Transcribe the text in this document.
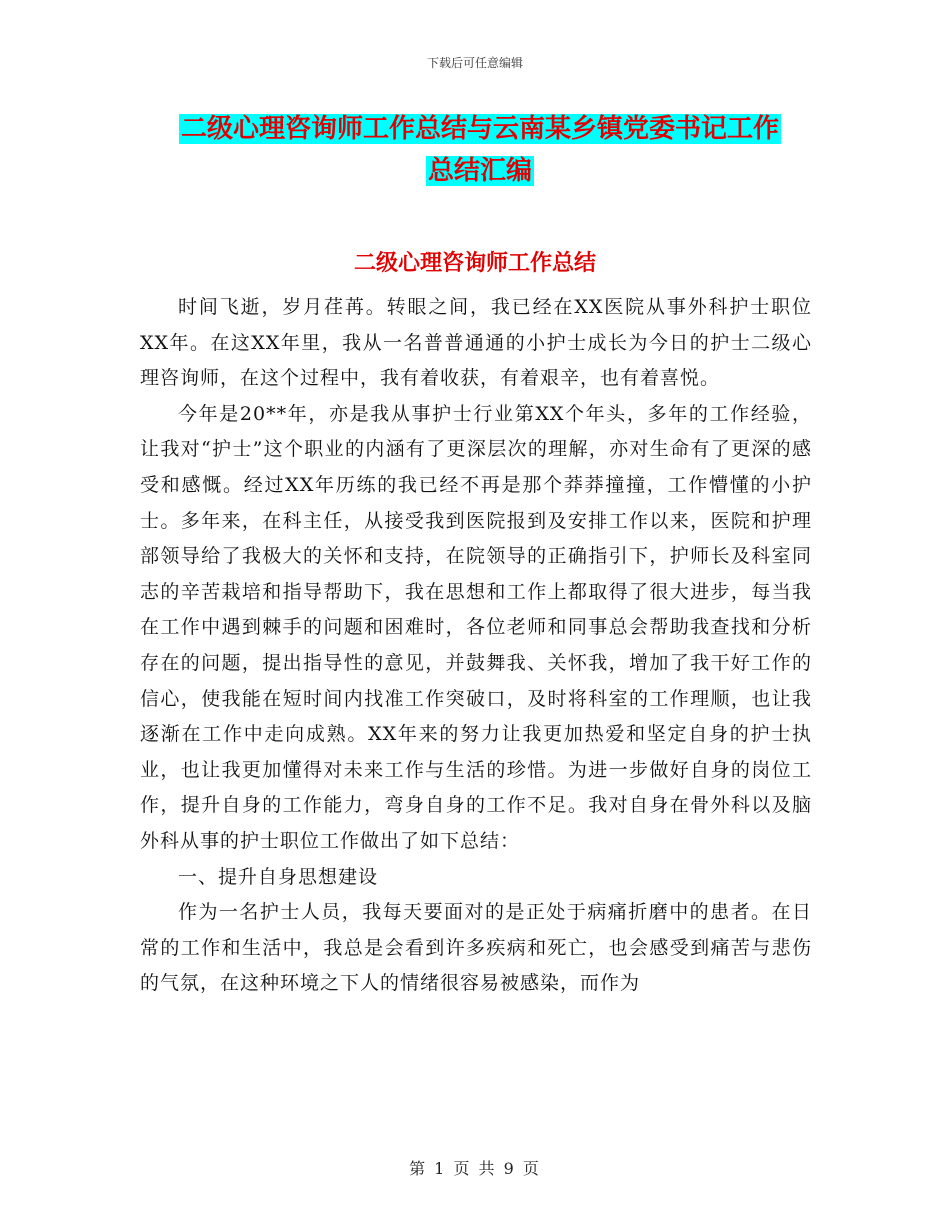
下载后可任意编辑
二级心理咨询师工作总结与云南某乡镇党委书记工作
总结汇编
二级心理咨询师工作总结

时间飞逝，岁月荏苒。转眼之间，我已经在XX医院从事外科护士职位XX年。在这XX年里，我从一名普普通通的小护士成长为今日的护士二级心理咨询师，在这个过程中，我有着收获，有着艰辛，也有着喜悦。

今年是20**年，亦是我从事护士行业第XX个年头，多年的工作经验，让我对“护士”这个职业的内涵有了更深层次的理解，亦对生命有了更深的感受和感慨。经过XX年历练的我已经不再是那个莽莽撞撞，工作懵懂的小护士。多年来，在科主任，从接受我到医院报到及安排工作以来，医院和护理部领导给了我极大的关怀和支持，在院领导的正确指引下，护师长及科室同志的辛苦栽培和指导帮助下，我在思想和工作上都取得了很大进步，每当我在工作中遇到棘手的问题和困难时，各位老师和同事总会帮助我查找和分析存在的问题，提出指导性的意见，并鼓舞我、关怀我，增加了我干好工作的信心，使我能在短时间内找准工作突破口，及时将科室的工作理顺，也让我逐渐在工作中走向成熟。XX年来的努力让我更加热爱和坚定自身的护士执业，也让我更加懂得对未来工作与生活的珍惜。为进一步做好自身的岗位工作，提升自身的工作能力，弯身自身的工作不足。我对自身在骨外科以及脑外科从事的护士职位工作做出了如下总结：

一、提升自身思想建设

作为一名护士人员，我每天要面对的是正处于病痛折磨中的患者。在日常的工作和生活中，我总是会看到许多疾病和死亡，也会感受到痛苦与悲伤的气氛，在这种环境之下人的情绪很容易被感染，而作为

第 1 页 共 9 页
